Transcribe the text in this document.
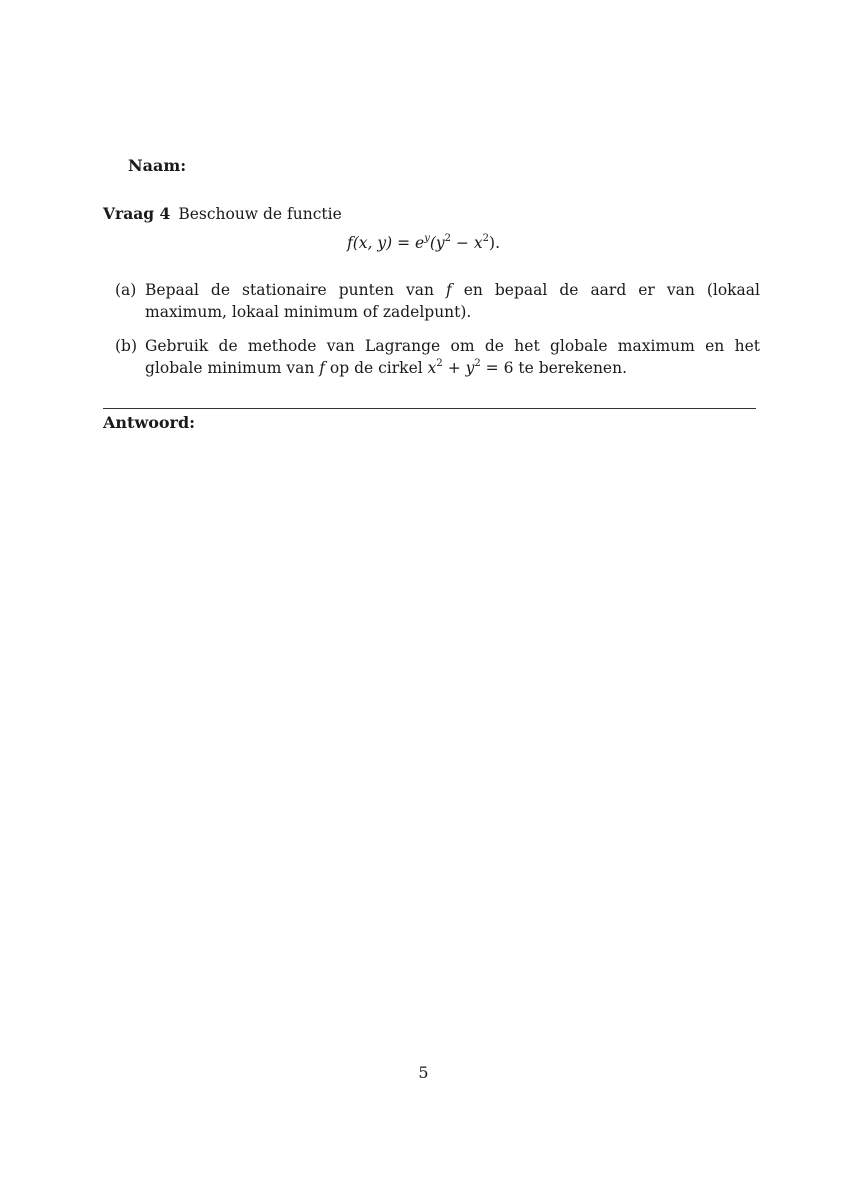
Naam:
Vraag 4 Beschouw de functie
f(x, $y) = e^y(y^2 - x^2)$.
(a) Bepaal de stationaire punten van f en bepaal de aard er van (lokaal maximum, lokaal minimum of zadelpunt).
(b) Gebruik de methode van Lagrange om de het globale maximum en het globale minimum van f op de cirkel $x^2 + y^2 = 6$ te berekenen.
Antwoord:
5
